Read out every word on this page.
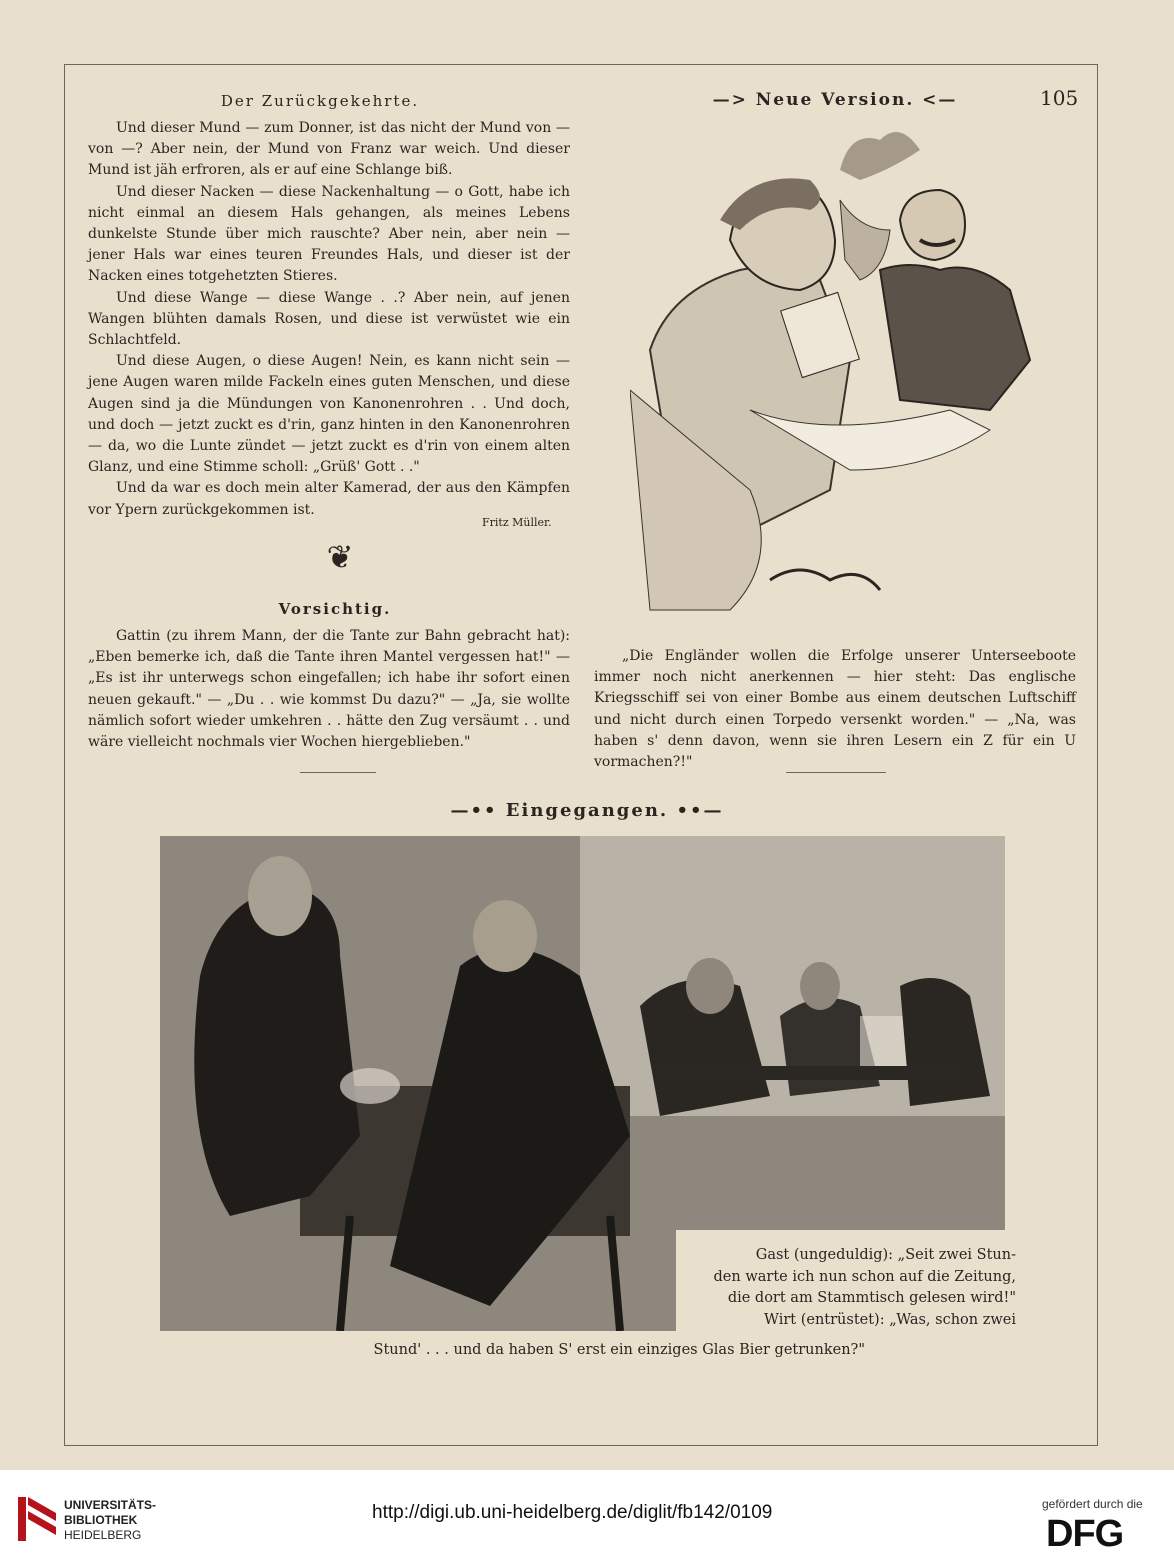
Der Zurückgekehrte.	—> Neue Version. <—	105

Und dieser Mund — zum Donner, ist das nicht der Mund von — von —? Aber nein, der Mund von Franz war weich. Und dieser Mund ist jäh erfroren, als er auf eine Schlange biß.

Und dieser Nacken — diese Nackenhaltung — o Gott, habe ich nicht einmal an diesem Hals gehangen, als meines Lebens dunkelste Stunde über mich rauschte? Aber nein, aber nein — jener Hals war eines teuren Freundes Hals, und dieser ist der Nacken eines totgehetzten Stieres.

Und diese Wange — diese Wange . .? Aber nein, auf jenen Wangen blühten damals Rosen, und diese ist verwüstet wie ein Schlachtfeld.

Und diese Augen, o diese Augen! Nein, es kann nicht sein — jene Augen waren milde Fackeln eines guten Menschen, und diese Augen sind ja die Mündungen von Kanonenrohren . . Und doch, und doch — jetzt zuckt es d'rin, ganz hinten in den Kanonenrohren — da, wo die Lunte zündet — jetzt zuckt es d'rin von einem alten Glanz, und eine Stimme scholl: „Grüß' Gott . ."

Und da war es doch mein alter Kamerad, der aus den Kämpfen vor Ypern zurückgekommen ist.

Fritz Müller.
❦
Vorsichtig.

Gattin (zu ihrem Mann, der die Tante zur Bahn gebracht hat): „Eben bemerke ich, daß die Tante ihren Mantel vergessen hat!" — „Es ist ihr unterwegs schon eingefallen; ich habe ihr sofort einen neuen gekauft." — „Du . . wie kommst Du dazu?" — „Ja, sie wollte nämlich sofort wieder umkehren . . hätte den Zug versäumt . . und wäre vielleicht nochmals vier Wochen hiergeblieben."

„Die Engländer wollen die Erfolge unserer Unterseeboote immer noch nicht anerkennen — hier steht: Das englische Kriegsschiff sei von einer Bombe aus einem deutschen Luftschiff und nicht durch einen Torpedo versenkt worden." — „Na, was haben s' denn davon, wenn sie ihren Lesern ein Z für ein U vormachen?!"

—•• Eingegangen. ••—
Gast (ungeduldig): „Seit zwei Stun-
den warte ich nun schon auf die Zeitung,
die dort am Stammtisch gelesen wird!"
Wirt (entrüstet): „Was, schon zwei
Stund' . . . und da haben S' erst ein einziges Glas Bier getrunken?"
UNIVERSITÄTS-
BIBLIOTHEK
HEIDELBERG
http://digi.ub.uni-heidelberg.de/diglit/fb142/0109	gefördert durch die
DFG
